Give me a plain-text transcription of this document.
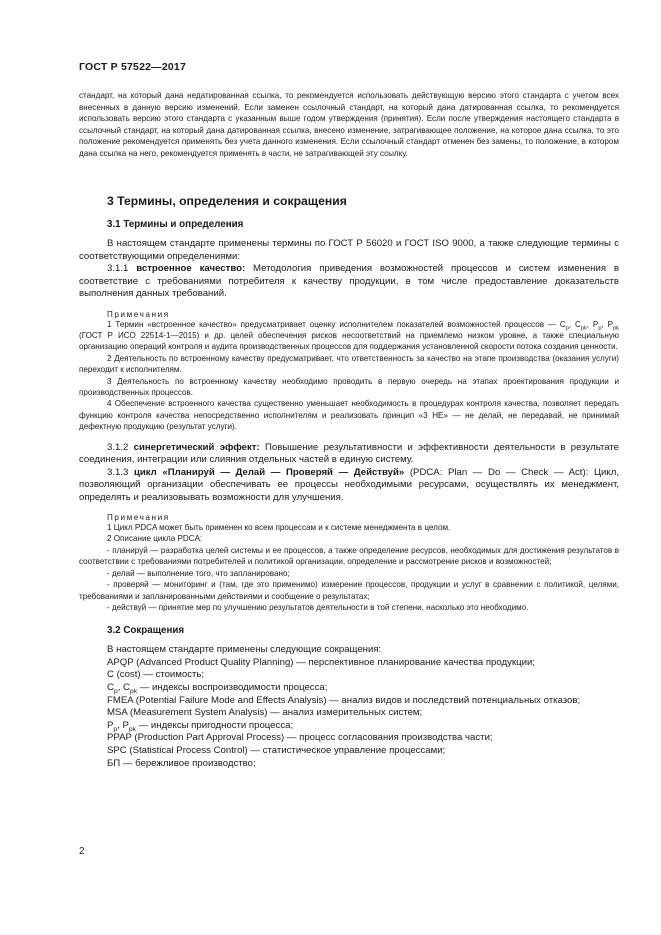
ГОСТ Р 57522—2017

стандарт, на который дана недатированная ссылка, то рекомендуется использовать действующую версию этого стандарта с учетом всех внесенных в данную версию изменений. Если заменен ссылочный стандарт, на который дана датированная ссылка, то рекомендуется использовать версию этого стандарта с указанным выше годом утверждения (принятия). Если после утверждения настоящего стандарта в ссылочный стандарт, на который дана датированная ссылка, внесено изменение, затрагивающее положение, на которое дана ссылка, то это положение рекомендуется применять без учета данного изменения. Если ссылочный стандарт отменен без замены, то положение, в котором дана ссылка на него, рекомендуется применять в части, не затрагивающей эту ссылку.

3 Термины, определения и сокращения

3.1 Термины и определения

В настоящем стандарте применены термины по ГОСТ Р 56020 и ГОСТ ISO 9000, а также следующие термины с соответствующими определениями:

3.1.1 встроенное качество: Методология приведения возможностей процессов и систем изменения в соответствие с требованиями потребителя к качеству продукции, в том числе предоставление доказательств выполнения данных требований.

Примечания

1 Термин «встроенное качество» предусматривает оценку исполнителем показателей возможностей процессов — $C_p$, $C_{pk}$, $P_p$, $P_{pk}$ (ГОСТ Р ИСО 22514-1—2015) и др. целей обеспечения рисков несоответствий на приемлемо низком уровне, а также специальную организацию операций контроля и аудита производственных процессов для поддержания установленной скорости потока создания ценности.

2 Деятельность по встроенному качеству предусматривает, что ответственность за качество на этапе производства (оказания услуги) переходит к исполнителям.

3 Деятельность по встроенному качеству необходимо проводить в первую очередь на этапах проектирования продукции и производственных процессов.

4 Обеспечение встроенного качества существенно уменьшает необходимость в процедурах контроля качества, позволяет передать функцию контроля качества непосредственно исполнителям и реализовать принцип «3 НЕ» — не делай, не передавай, не принимай дефектную продукцию (результат услуги).

3.1.2 синергетический эффект: Повышение результативности и эффективности деятельности в результате соединения, интеграции или слияния отдельных частей в единую систему.

3.1.3 цикл «Планируй — Делай — Проверяй — Действуй» (PDCA: Plan — Do — Check — Act): Цикл, позволяющий организации обеспечивать ее процессы необходимыми ресурсами, осуществлять их менеджмент, определять и реализовывать возможности для улучшения.

Примечания

1 Цикл PDCA может быть применен ко всем процессам и к системе менеджмента в целом.

2 Описание цикла PDCA:

- планируй — разработка целей системы и ее процессов, а также определение ресурсов, необходимых для достижения результатов в соответствии с требованиями потребителей и политикой организации, определение и рассмотрение рисков и возможностей;

- делай — выполнение того, что запланировано;

- проверяй — мониторинг и (там, где это применимо) измерение процессов, продукции и услуг в сравнении с политикой, целями, требованиями и запланированными действиями и сообщение о результатах;

- действуй — принятие мер по улучшению результатов деятельности в той степени, насколько это необходимо.

3.2 Сокращения

В настоящем стандарте применены следующие сокращения:

APQP (Advanced Product Quality Planning) — перспективное планирование качества продукции;

C (cost) — стоимость;

$C_p$, $C_{pk}$ — индексы воспроизводимости процесса;

FMEA (Potential Failure Mode and Effects Analysis) — анализ видов и последствий потенциальных отказов;

MSA (Measurement System Analysis) — анализ измерительных систем;

$P_p$, $P_{pk}$ — индексы пригодности процесса;

PPAP (Production Part Approval Process) — процесс согласования производства части;

SPC (Statistical Process Control) — статистическое управление процессами;

БП — бережливое производство;

2
